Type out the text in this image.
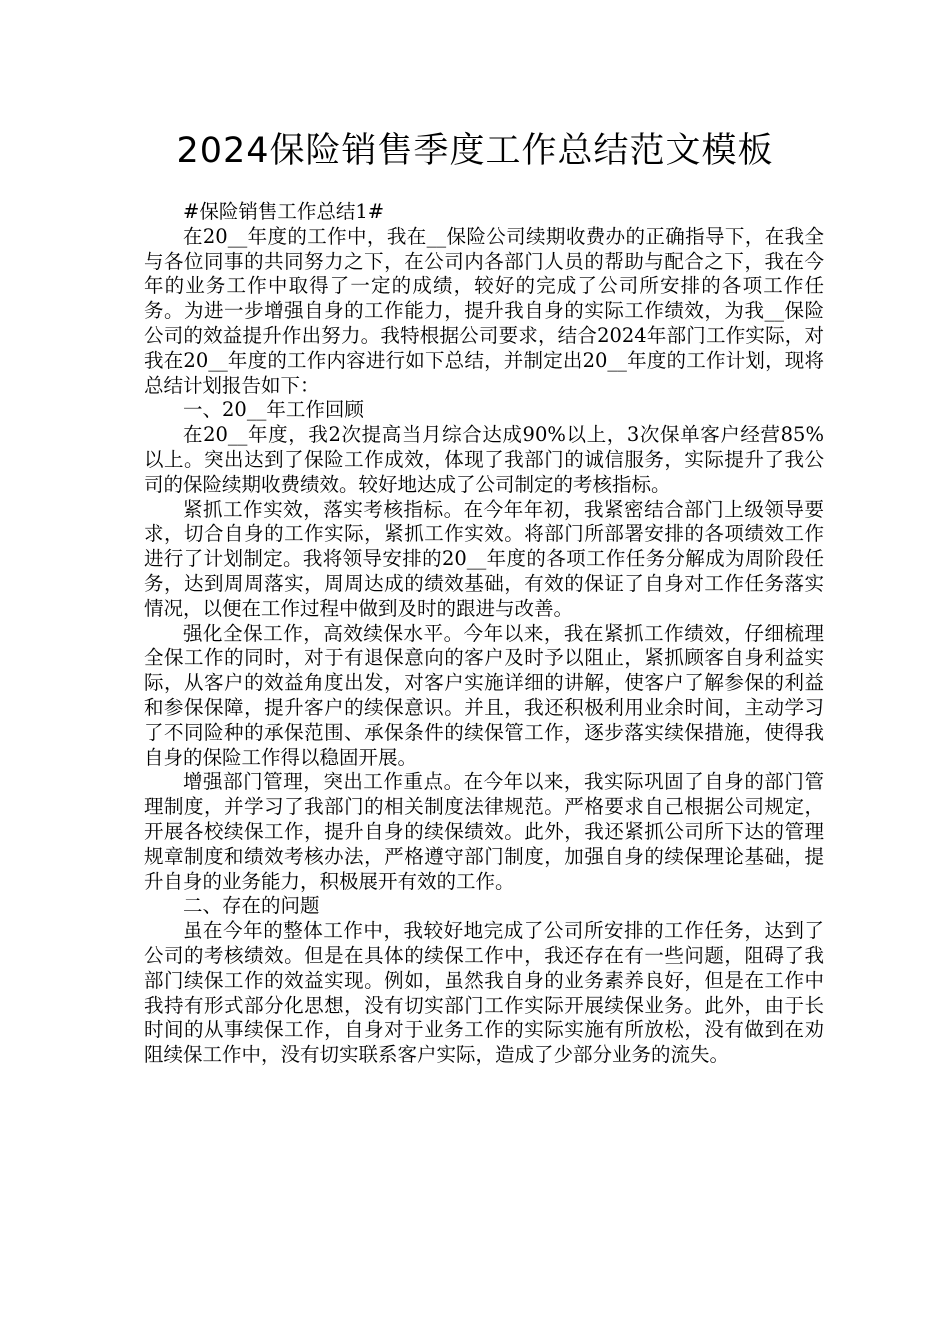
2024保险销售季度工作总结范文模板

#保险销售工作总结1#

在20__年度的工作中，我在__保险公司续期收费办的正确指导下，在我全与各位同事的共同努力之下，在公司内各部门人员的帮助与配合之下，我在今年的业务工作中取得了一定的成绩，较好的完成了公司所安排的各项工作任务。为进一步增强自身的工作能力，提升我自身的实际工作绩效，为我__保险公司的效益提升作出努力。我特根据公司要求，结合2024年部门工作实际，对我在20__年度的工作内容进行如下总结，并制定出20__年度的工作计划，现将总结计划报告如下：

一、20__年工作回顾

在20__年度，我2次提高当月综合达成90%以上，3次保单客户经营85%以上。突出达到了保险工作成效，体现了我部门的诚信服务，实际提升了我公司的保险续期收费绩效。较好地达成了公司制定的考核指标。

紧抓工作实效，落实考核指标。在今年年初，我紧密结合部门上级领导要求，切合自身的工作实际，紧抓工作实效。将部门所部署安排的各项绩效工作进行了计划制定。我将领导安排的20__年度的各项工作任务分解成为周阶段任务，达到周周落实，周周达成的绩效基础，有效的保证了自身对工作任务落实情况，以便在工作过程中做到及时的跟进与改善。

强化全保工作，高效续保水平。今年以来，我在紧抓工作绩效，仔细梳理全保工作的同时，对于有退保意向的客户及时予以阻止，紧抓顾客自身利益实际，从客户的效益角度出发，对客户实施详细的讲解，使客户了解参保的利益和参保保障，提升客户的续保意识。并且，我还积极利用业余时间，主动学习了不同险种的承保范围、承保条件的续保管工作，逐步落实续保措施，使得我自身的保险工作得以稳固开展。

增强部门管理，突出工作重点。在今年以来，我实际巩固了自身的部门管理制度，并学习了我部门的相关制度法律规范。严格要求自己根据公司规定，开展各校续保工作，提升自身的续保绩效。此外，我还紧抓公司所下达的管理规章制度和绩效考核办法，严格遵守部门制度，加强自身的续保理论基础，提升自身的业务能力，积极展开有效的工作。

二、存在的问题

虽在今年的整体工作中，我较好地完成了公司所安排的工作任务，达到了公司的考核绩效。但是在具体的续保工作中，我还存在有一些问题，阻碍了我部门续保工作的效益实现。例如，虽然我自身的业务素养良好，但是在工作中我持有形式部分化思想，没有切实部门工作实际开展续保业务。此外，由于长时间的从事续保工作，自身对于业务工作的实际实施有所放松，没有做到在劝阻续保工作中，没有切实联系客户实际，造成了少部分业务的流失。
